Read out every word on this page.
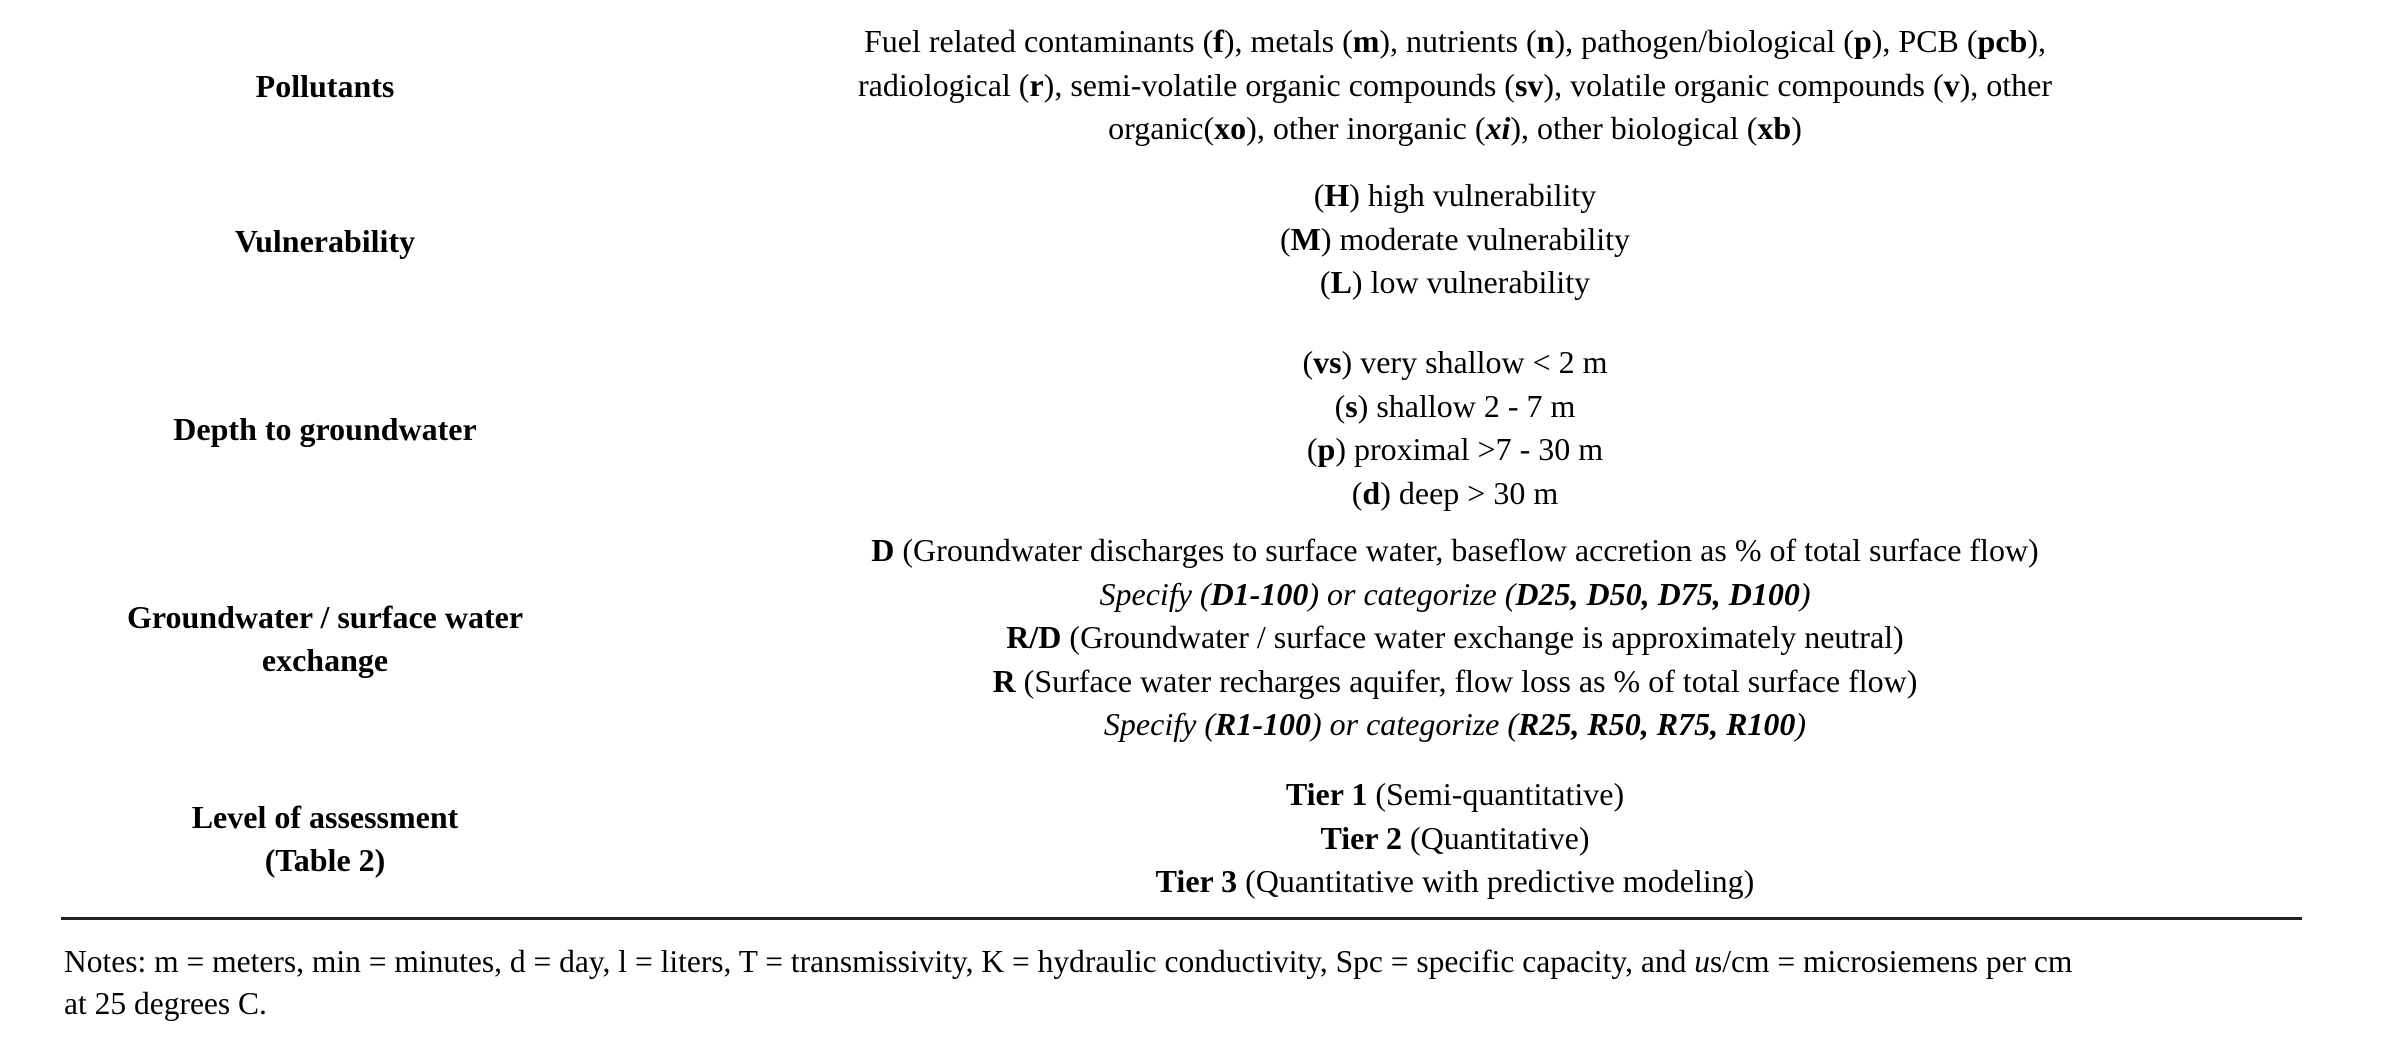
Pollutants
Fuel related contaminants (f), metals (m), nutrients (n), pathogen/biological (p), PCB (pcb),
radiological (r), semi-volatile organic compounds (sv), volatile organic compounds (v), other
organic(xo), other inorganic (xi), other biological (xb)
Vulnerability
(H) high vulnerability
(M) moderate vulnerability
(L) low vulnerability
Depth to groundwater
(vs) very shallow < 2 m
(s) shallow 2 - 7 m
(p) proximal >7 - 30 m
(d) deep > 30 m
Groundwater / surface water
exchange
D (Groundwater discharges to surface water, baseflow accretion as % of total surface flow)
Specify (D1-100) or categorize (D25, D50, D75, D100)
R/D (Groundwater / surface water exchange is approximately neutral)
R (Surface water recharges aquifer, flow loss as % of total surface flow)
Specify (R1-100) or categorize (R25, R50, R75, R100)
Level of assessment
(Table 2)
Tier 1 (Semi-quantitative)
Tier 2 (Quantitative)
Tier 3 (Quantitative with predictive modeling)
Notes: m = meters, min = minutes, d = day, l = liters, T = transmissivity, K = hydraulic conductivity, Spc = specific capacity, and us/cm = microsiemens per cm
at 25 degrees C.
